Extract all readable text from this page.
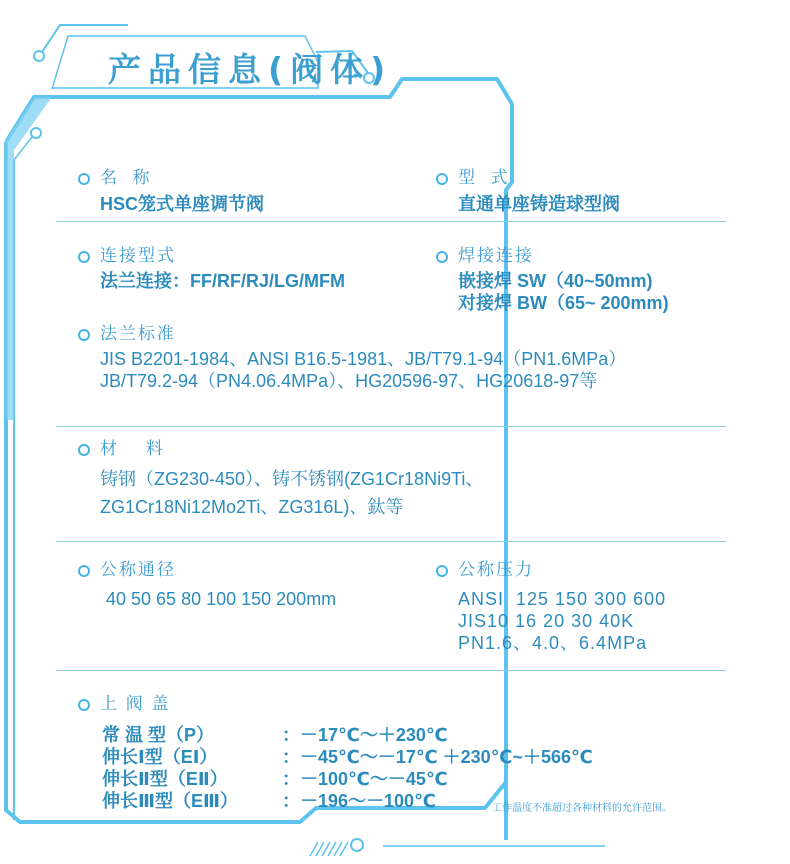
产品信息(阀体)
名  称
HSC笼式单座调节阀
型  式
直通单座铸造球型阀
连接型式
法兰连接：FF/RF/RJ/LG/MFM
焊接连接
嵌接焊 SW（40~50mm)
对接焊 BW（65~ 200mm)
法兰标准
JIS B2201-1984、ANSI B16.5-1981、JB/T79.1-94（PN1.6MPa）
JB/T79.2-94（PN4.06.4MPa）、HG20596-97、HG20618-97等
材    料
铸钢（ZG230-450）、铸不锈钢(ZG1Cr18Ni9Ti、
ZG1Cr18Ni12Mo2Ti、ZG316L)、鈦等
公称通径
40 50 65 80 100 150 200mm
公称压力
ANSI  125 150 300 600
JIS10 16 20 30 40K
PN1.6、4.0、6.4MPa
上 阀 盖
常 温 型（P）	：－17℃～＋230℃
伸长Ⅰ型（EⅠ）	：－45℃～－17℃ ＋230℃~＋566℃
伸长Ⅱ型（EⅡ）	：－100℃～－45℃
伸长Ⅲ型（EⅢ） ：－196～－100℃	工作温度不准超过各种材料的允许范围。
